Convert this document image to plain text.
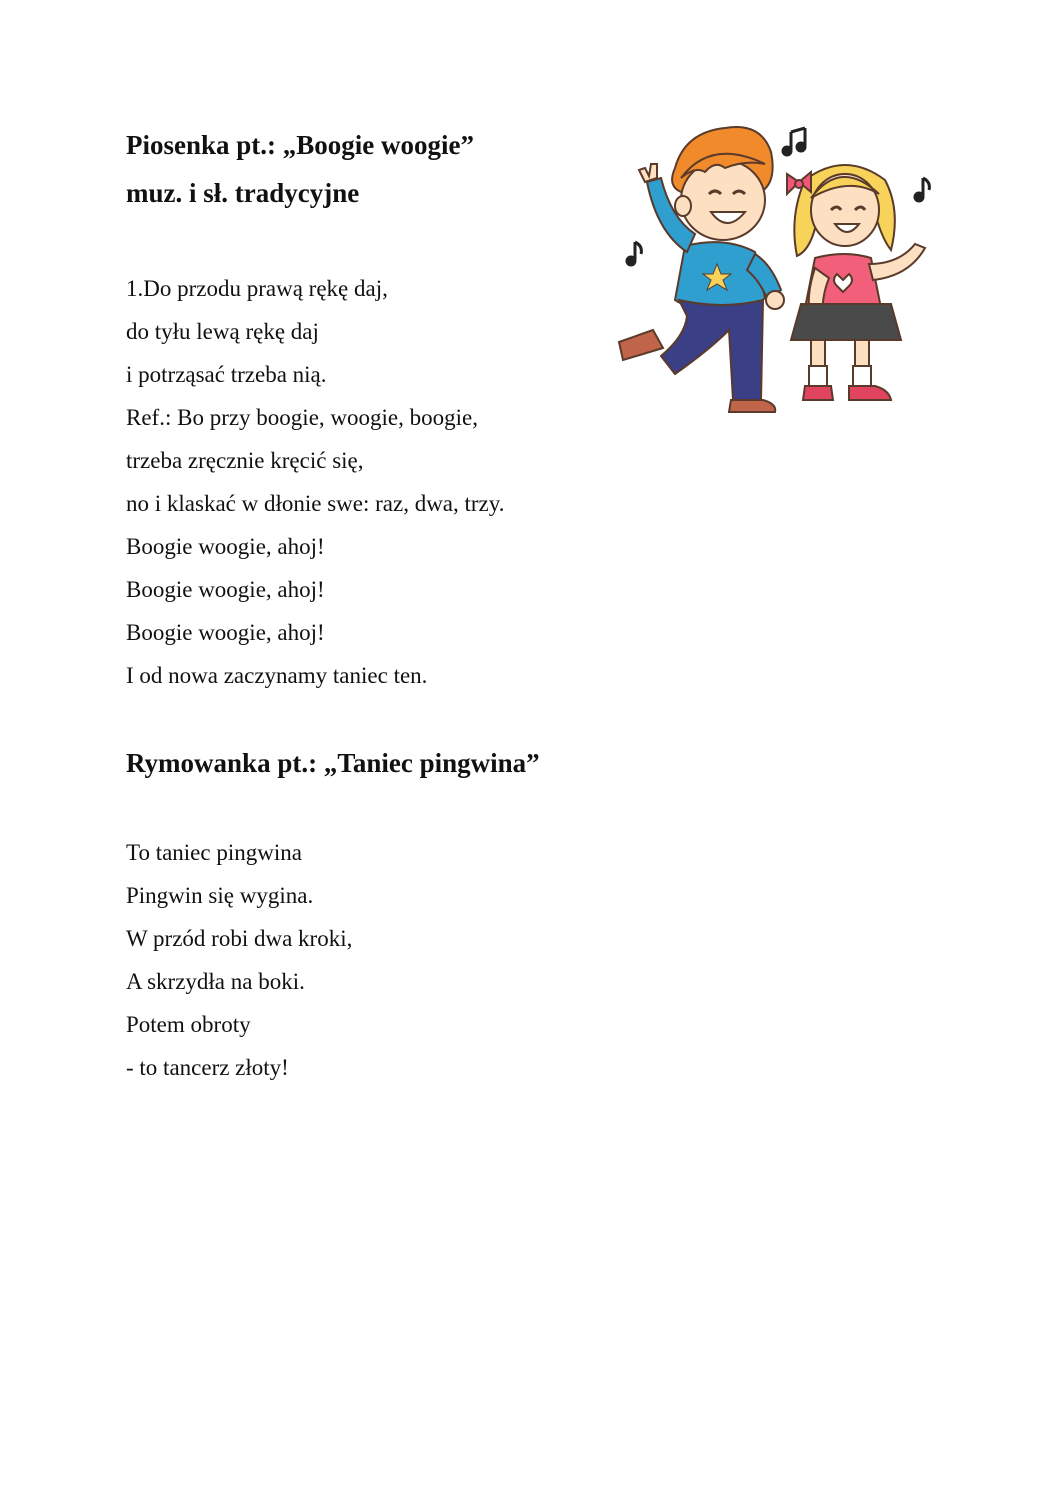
Piosenka pt.: „Boogie woogie”
muz. i sł. tradycyjne
1.Do przodu prawą rękę daj,
do tyłu lewą rękę daj
i potrząsać trzeba nią.
Ref.: Bo przy boogie, woogie, boogie,
trzeba zręcznie kręcić się,
no i klaskać w dłonie swe: raz, dwa, trzy.
Boogie woogie, ahoj!
Boogie woogie, ahoj!
Boogie woogie, ahoj!
I od nowa zaczynamy taniec ten.
Rymowanka pt.: „Taniec pingwina”
To taniec pingwina
Pingwin się wygina.
W przód robi dwa kroki,
A skrzydła na boki.
Potem obroty
- to tancerz złoty!
